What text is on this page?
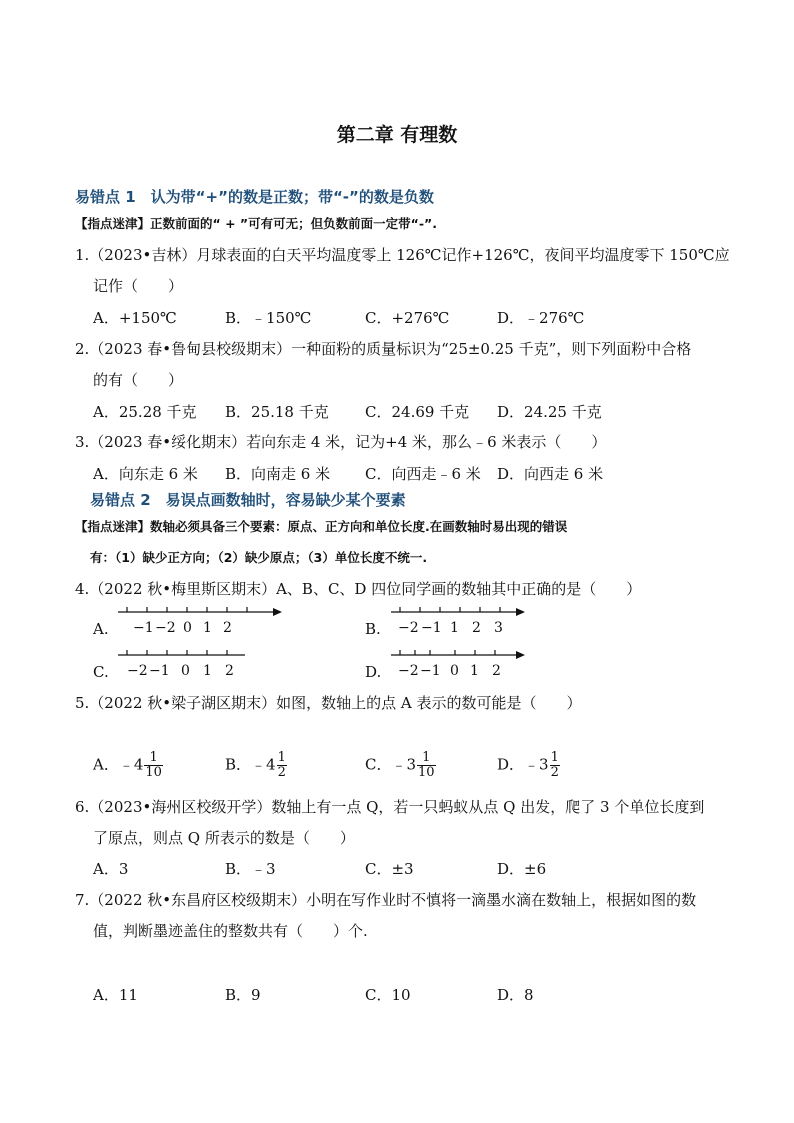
第二章 有理数
易错点 1　认为带“+”的数是正数；带“-”的数是负数
【指点迷津】正数前面的“ + ”可有可无；但负数前面一定带“-”.
1.（2023•吉林）月球表面的白天平均温度零上 126℃记作+126℃，夜间平均温度零下 150℃应
记作（　　）
A．+150℃	B．﹣150℃	C．+276℃	D．﹣276℃
2.（2023 春•鲁甸县校级期末）一种面粉的质量标识为“25±0.25 千克”，则下列面粉中合格
的有（　　）
A．25.28 千克 B．25.18 千克 C．24.69 千克 D．24.25 千克
3.（2023 春•绥化期末）若向东走 4 米，记为+4 米，那么﹣6 米表示（　　）
A．向东走 6 米 B．向南走 6 米 C．向西走﹣6 米 D．向西走 6 米
易错点 2　易误点画数轴时，容易缺少某个要素
【指点迷津】数轴必须具备三个要素：原点、正方向和单位长度.在画数轴时易出现的错误
有：（1）缺少正方向；（2）缺少原点；（3）单位长度不统一.
4.（2022 秋•梅里斯区期末）A、B、C、D 四位同学画的数轴其中正确的是（　　）
A. −1 −2 0 1 2	B. −2 −1 1 2 3
C. −2 −1 0 1 2	D. −2 −1 0 1 2
5.（2022 秋•梁子湖区期末）如图，数轴上的点 A 表示的数可能是（　　）
A．﹣4 $\frac{1}{10}$	B．﹣4 $\frac{1}{2}$	C．﹣3 $\frac{1}{10}$	D．﹣3 $\frac{1}{2}$
6.（2023•海州区校级开学）数轴上有一点 Q，若一只蚂蚁从点 Q 出发，爬了 3 个单位长度到
了原点，则点 Q 所表示的数是（　　）
A．3	B．﹣3	C．±3	D．±6
7.（2022 秋•东昌府区校级期末）小明在写作业时不慎将一滴墨水滴在数轴上，根据如图的数
值，判断墨迹盖住的整数共有（　　）个.
A．11	B．9	C．10	D．8
